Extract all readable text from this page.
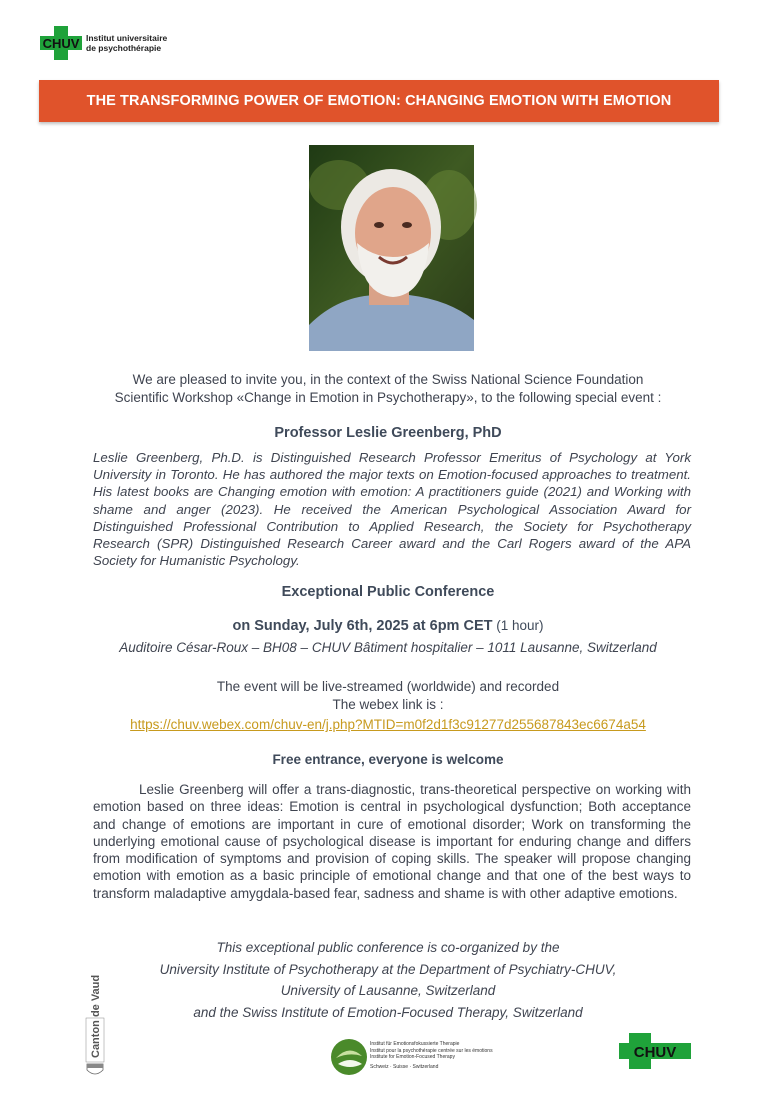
CHUV Institut universitaire
de psychothérapie
THE TRANSFORMING POWER OF EMOTION: CHANGING EMOTION WITH EMOTION
We are pleased to invite you, in the context of the Swiss National Science Foundation
Scientific Workshop «Change in Emotion in Psychotherapy», to the following special event :
Professor Leslie Greenberg, PhD
Leslie Greenberg, Ph.D. is Distinguished Research Professor Emeritus of Psychology at York University in Toronto. He has authored the major texts on Emotion-focused approaches to treatment. His latest books are Changing emotion with emotion: A practitioners guide (2021) and Working with shame and anger (2023). He received the American Psychological Association Award for Distinguished Professional Contribution to Applied Research, the Society for Psychotherapy Research (SPR) Distinguished Research Career award and the Carl Rogers award of the APA Society for Humanistic Psychology.
Exceptional Public Conference
on Sunday, July 6th, 2025 at 6pm CET (1 hour)
Auditoire César-Roux – BH08 – CHUV Bâtiment hospitalier – 1011 Lausanne, Switzerland
The event will be live-streamed (worldwide) and recorded
The webex link is :
https://chuv.webex.com/chuv-en/j.php?MTID=m0f2d1f3c91277d255687843ec6674a54
Free entrance, everyone is welcome
Leslie Greenberg will offer a trans-diagnostic, trans-theoretical perspective on working with emotion based on three ideas: Emotion is central in psychological dysfunction; Both acceptance and change of emotions are important in cure of emotional disorder; Work on transforming the underlying emotional cause of psychological disease is important for enduring change and differs from modification of symptoms and provision of coping skills. The speaker will propose changing emotion with emotion as a basic principle of emotional change and that one of the best ways to transform maladaptive amygdala-based fear, sadness and shame is with other adaptive emotions.
This exceptional public conference is co-organized by the
University Institute of Psychotherapy at the Department of Psychiatry-CHUV,
University of Lausanne, Switzerland
and the Swiss Institute of Emotion-Focused Therapy, Switzerland
Canton de Vaud	Institut für Emotionsfokussierte Therapie
Institut pour la psychothérapie centrée sur les émotions
Institute for Emotion-Focused Therapy
Schweiz · Suisse · Switzerland
CHUV
